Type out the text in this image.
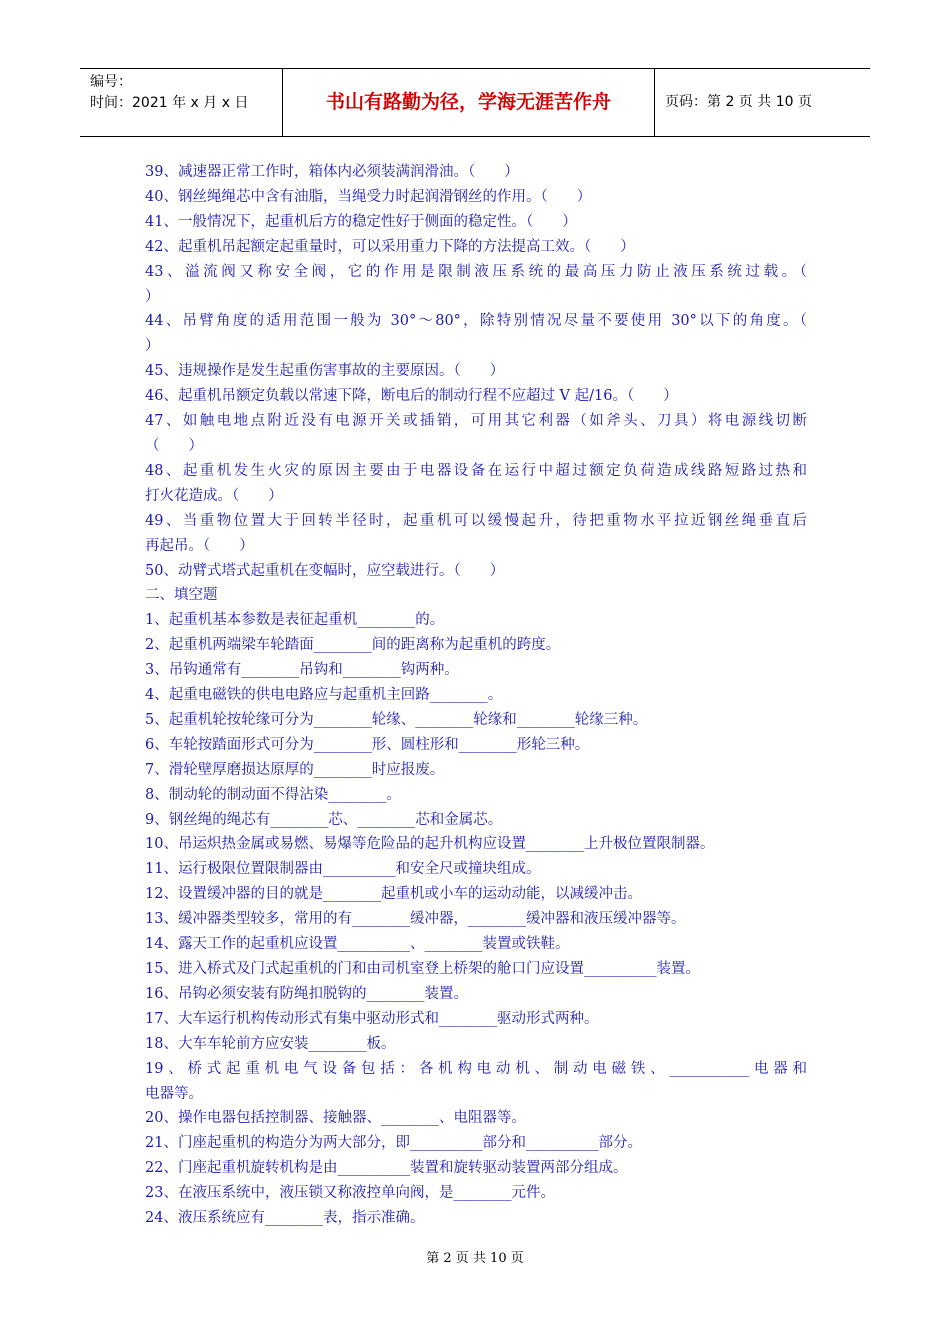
编号：
时间：2021 年 x 月 x 日	书山有路勤为径，学海无涯苦作舟	页码：第 2 页 共 10 页
39、减速器正常工作时，箱体内必须装满润滑油。（　　）
40、钢丝绳绳芯中含有油脂，当绳受力时起润滑钢丝的作用。（　　）
41、一般情况下，起重机后方的稳定性好于侧面的稳定性。（　　）
42、起重机吊起额定起重量时，可以采用重力下降的方法提高工效。（　　）
43、溢流阀又称安全阀，它的作用是限制液压系统的最高压力防止液压系统过载。（
）
44、吊臂角度的适用范围一般为 30°～80°，除特别情况尽量不要使用 30°以下的角度。（
）
45、违规操作是发生起重伤害事故的主要原因。（　　）
46、起重机吊额定负载以常速下降，断电后的制动行程不应超过 V 起/16。（　　）
47、如触电地点附近没有电源开关或插销，可用其它利器（如斧头、刀具）将电源线切断
（　　）
48、起重机发生火灾的原因主要由于电器设备在运行中超过额定负荷造成线路短路过热和
打火花造成。（　　）
49、当重物位置大于回转半径时，起重机可以缓慢起升，待把重物水平拉近钢丝绳垂直后
再起吊。（　　）
50、动臂式塔式起重机在变幅时，应空载进行。（　　）
二、填空题
1、起重机基本参数是表征起重机________的。
2、起重机两端梁车轮踏面________间的距离称为起重机的跨度。
3、吊钩通常有________吊钩和________钩两种。
4、起重电磁铁的供电电路应与起重机主回路________。
5、起重机轮按轮缘可分为________轮缘、________轮缘和________轮缘三种。
6、车轮按踏面形式可分为________形、圆柱形和________形轮三种。
7、滑轮壁厚磨损达原厚的________时应报废。
8、制动轮的制动面不得沾染________。
9、钢丝绳的绳芯有________芯、________芯和金属芯。
10、吊运炽热金属或易燃、易爆等危险品的起升机构应设置________上升极位置限制器。
11、运行极限位置限制器由__________和安全尺或撞块组成。
12、设置缓冲器的目的就是________起重机或小车的运动动能，以减缓冲击。
13、缓冲器类型较多，常用的有________缓冲器，________缓冲器和液压缓冲器等。
14、露天工作的起重机应设置__________、________装置或铁鞋。
15、进入桥式及门式起重机的门和由司机室登上桥架的舱口门应设置__________装置。
16、吊钩必须安装有防绳扣脱钩的________装置。
17、大车运行机构传动形式有集中驱动形式和________驱动形式两种。
18、大车车轮前方应安装________板。
19、桥式起重机电气设备包括：各机构电动机、制动电磁铁、___________电器和
电器等。
20、操作电器包括控制器、接触器、________、电阻器等。
21、门座起重机的构造分为两大部分，即__________部分和__________部分。
22、门座起重机旋转机构是由__________装置和旋转驱动装置两部分组成。
23、在液压系统中，液压锁又称液控单向阀，是________元件。
24、液压系统应有________表，指示准确。
第 2 页 共 10 页
